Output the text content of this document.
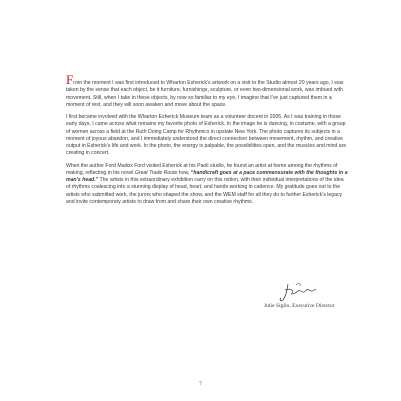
From the moment I was first introduced to Wharton Esherick’s artwork on a visit to the Studio almost 20 years ago, I was taken by the sense that each object, be it furniture, furnishings, sculpture, or even two-dimensional work, was imbued with movement. Still, when I take in these objects, by now so familiar to my eye, I imagine that I’ve just captured them in a moment of rest, and they will soon awaken and move about the space.

I first became involved with the Wharton Esherick Museum team as a volunteer docent in 2005. As I was training in those early days, I came across what remains my favorite photo of Esherick. In the image he is dancing, in costume, with a group of women across a field at the Ruth Doing Camp for Rhythmics in upstate New York. The photo captures its subjects in a moment of joyous abandon, and I immediately understood the direct connection between movement, rhythm, and creative output in Esherick’s life and work. In the photo, the energy is palpable, the possibilities open, and the muscles and mind are creating in concert.

When the author Ford Madox Ford visited Esherick at his Paoli studio, he found an artist at home among the rhythms of making, reflecting in his novel Great Trade Route how, “handicraft goes at a pace commensurate with the thoughts in a man’s head.” The artists in this extraordinary exhibition carry on this notion, with their individual interpretations of the idea of rhythms coalescing into a stunning display of head, heart, and hands working in cadence. My gratitude goes out to the artists who submitted work, the jurors who shaped the show, and the WEM staff for all they do to further Esherick’s legacy and invite contemporary artists to draw from and share their own creative rhythms.

Julie Siglin, Executive Director
7
